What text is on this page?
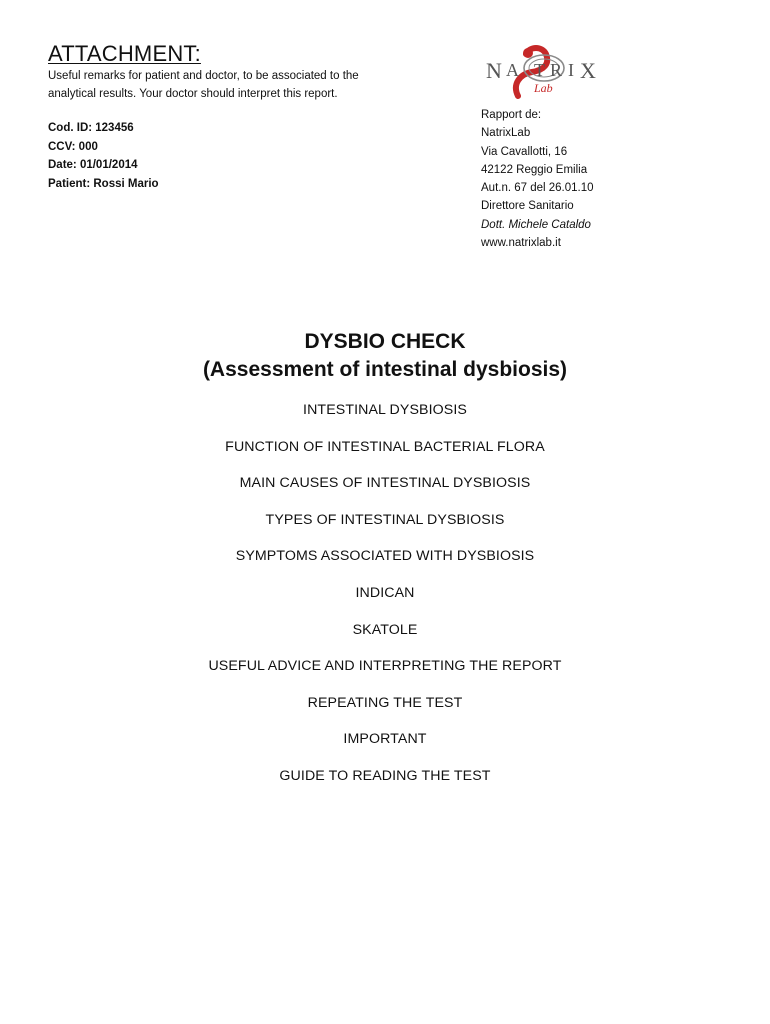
ATTACHMENT:
Useful remarks for patient and doctor, to be associated to the
analytical results. Your doctor should interpret this report.
Cod. ID: 123456
CCV: 000
Date: 01/01/2014
Patient: Rossi Mario
N A T R I X
Lab
Rapport de:
NatrixLab
Via Cavallotti, 16
42122 Reggio Emilia
Aut.n. 67 del 26.01.10
Direttore Sanitario
Dott. Michele Cataldo
www.natrixlab.it
DYSBIO CHECK
(Assessment of intestinal dysbiosis)
INTESTINAL DYSBIOSIS
FUNCTION OF INTESTINAL BACTERIAL FLORA
MAIN CAUSES OF INTESTINAL DYSBIOSIS
TYPES OF INTESTINAL DYSBIOSIS
SYMPTOMS ASSOCIATED WITH DYSBIOSIS
INDICAN
SKATOLE
USEFUL ADVICE AND INTERPRETING THE REPORT
REPEATING THE TEST
IMPORTANT
GUIDE TO READING THE TEST
